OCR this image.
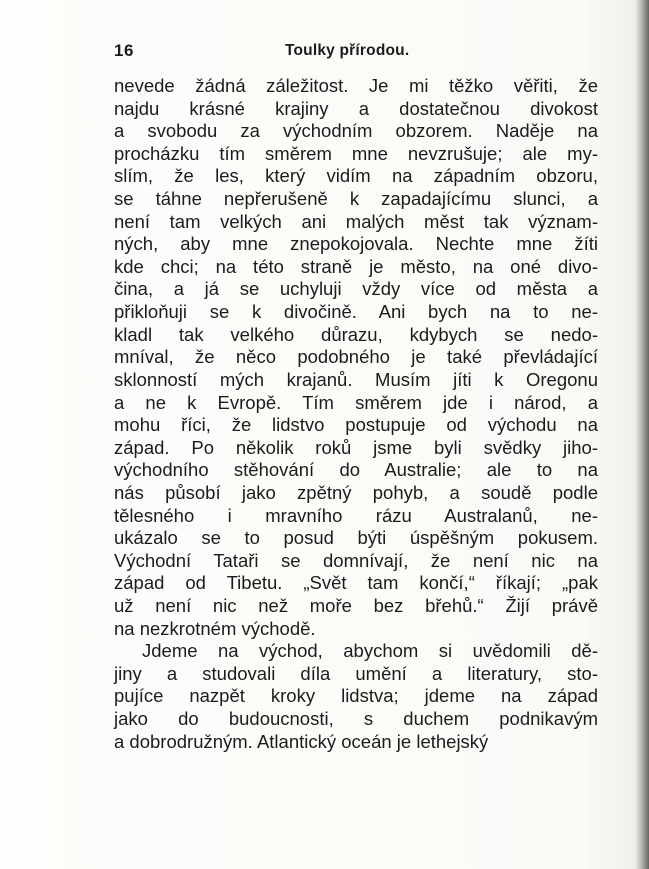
16	Toulky přírodou.
nevede žádná záležitost. Je mi těžko věřiti, že
najdu krásné krajiny a dostatečnou divokost
a svobodu za východním obzorem. Naděje na
procházku tím směrem mne nevzrušuje; ale my-
slím, že les, který vidím na západním obzoru,
se táhne nepřerušeně k zapadajícímu slunci, a
není tam velkých ani malých měst tak význam-
ných, aby mne znepokojovala. Nechte mne žíti
kde chci; na této straně je město, na oné divo-
čina, a já se uchyluji vždy více od města a
přikloňuji se k divočině. Ani bych na to ne-
kladl tak velkého důrazu, kdybych se nedo-
mníval, že něco podobného je také převládající
sklonností mých krajanů. Musím jíti k Oregonu
a ne k Evropě. Tím směrem jde i národ, a
mohu říci, že lidstvo postupuje od východu na
západ. Po několik roků jsme byli svědky jiho-
východního stěhování do Australie; ale to na
nás působí jako zpětný pohyb, a soudě podle
tělesného i mravního rázu Australanů, ne-
ukázalo se to posud býti úspěšným pokusem.
Východní Tataři se domnívají, že není nic na
západ od Tibetu. „Svět tam končí,“ říkají; „pak
už není nic než moře bez břehů.“ Žijí právě
na nezkrotném východě.
Jdeme na východ, abychom si uvědomili dě-
jiny a studovali díla umění a literatury, sto-
pujíce nazpět kroky lidstva; jdeme na západ
jako do budoucnosti, s duchem podnikavým
a dobrodružným. Atlantický oceán je lethejský
